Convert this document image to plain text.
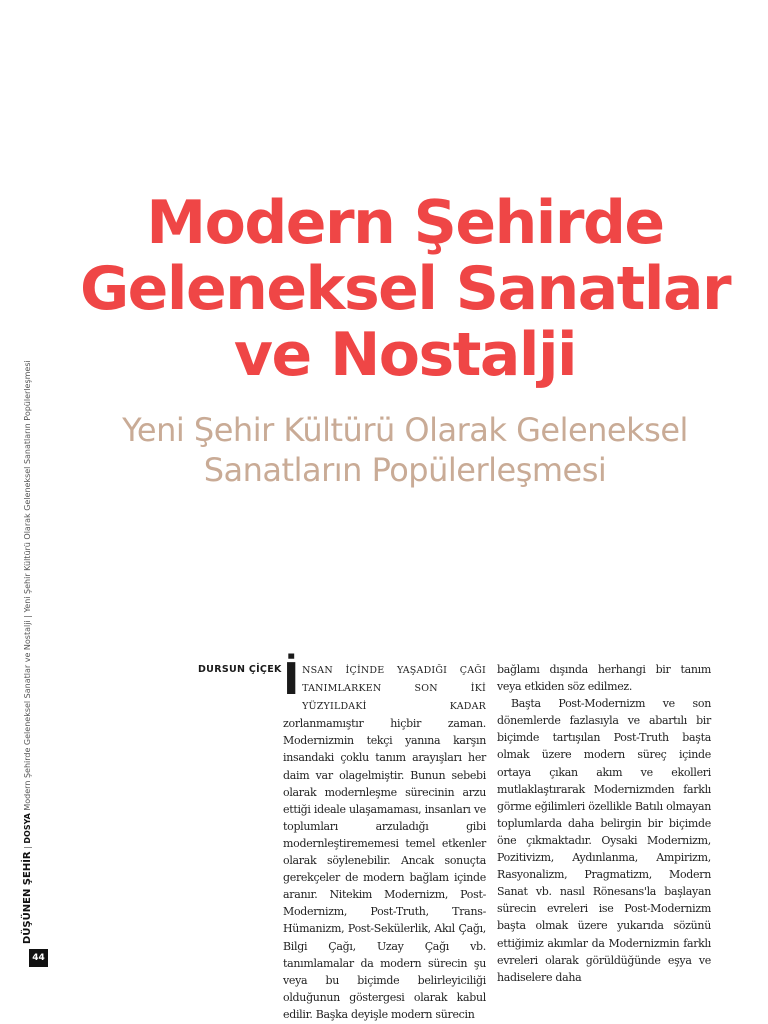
Modern Şehirde
Geleneksel Sanatlar
ve Nostalji
Yeni Şehir Kültürü Olarak Geleneksel
Sanatların Popülerleşmesi
DÜŞÜNEN ŞEHİR | DOSYA Modern Şehirde Geleneksel Sanatlar ve Nostalji | Yeni Şehir Kültürü Olarak Geleneksel Sanatların Popülerleşmesi
44
DURSUN ÇİÇEK İNSAN İÇİNDE YAŞADIĞI ÇAĞI TANIMLARKEN SON İKİ YÜZYILDAKİ KADAR zorlanmamıştır hiçbir zaman. Modernizmin tekçi yanına karşın insandaki çoklu tanım arayışları her daim var olagelmiştir. Bunun sebebi olarak modernleşme sürecinin arzu ettiği ideale ulaşamaması, insanları ve toplumları arzuladığı gibi modernleştirememesi temel etkenler olarak söylenebilir. Ancak sonuçta gerekçeler de modern bağlam içinde aranır. Nitekim Modernizm, Post-Modernizm, Post-Truth, Trans-Hümanizm, Post-Sekülerlik, Akıl Çağı, Bilgi Çağı, Uzay Çağı vb. tanımlamalar da modern sürecin şu veya bu biçimde belirleyiciliği olduğunun göstergesi olarak kabul edilir. Başka deyişle modern sürecin

bağlamı dışında herhangi bir tanım veya etkiden söz edilmez.

Başta Post-Modernizm ve son dönemlerde fazlasıyla ve abartılı bir biçimde tartışılan Post-Truth başta olmak üzere modern süreç içinde ortaya çıkan akım ve ekolleri mutlaklaştırarak Modernizmden farklı görme eğilimleri özellikle Batılı olmayan toplumlarda daha belirgin bir biçimde öne çıkmaktadır. Oysaki Modernizm, Pozitivizm, Aydınlanma, Ampirizm, Rasyonalizm, Pragmatizm, Modern Sanat vb. nasıl Rönesans'la başlayan sürecin evreleri ise Post-Modernizm başta olmak üzere yukarıda sözünü ettiğimiz akımlar da Modernizmin farklı evreleri olarak görüldüğünde eşya ve hadiselere daha
